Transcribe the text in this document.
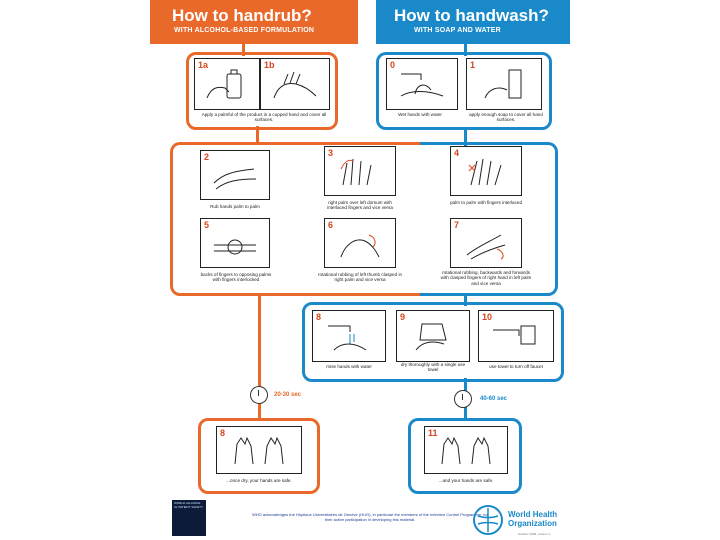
How to handrub?
WITH ALCOHOL-BASED FORMULATION
How to handwash?
WITH SOAP AND WATER
1a	1b
Apply a palmful of the product in a cupped hand and cover all surfaces.
0	1
Wet hands with water	apply enough soap to cover all hand surfaces.
2
Rub hands palm to palm
3
right palm over left dorsum with interlaced fingers and vice versa
4
palm to palm with fingers interlaced
5
backs of fingers to opposing palms with fingers interlocked
6
rotational rubbing of left thumb clasped in right palm and vice versa
7
rotational rubbing, backwards and forwards with clasped fingers of right hand in left palm and vice versa
8	9	10
rinse hands with water	dry thoroughly with a single use towel
use towel to turn off faucet
20-30 sec
40-60 sec
8
...once dry, your hands are safe.
11
...and your hands are safe.
WORLD ALLIANCE for PATIENT SAFETY
WHO acknowledges the Hôpitaux Universitaires de Genève (HUG), in particular the members of the Infection Control Programme, for their active participation in developing this material.
World Health Organization
October 2006, version 1
